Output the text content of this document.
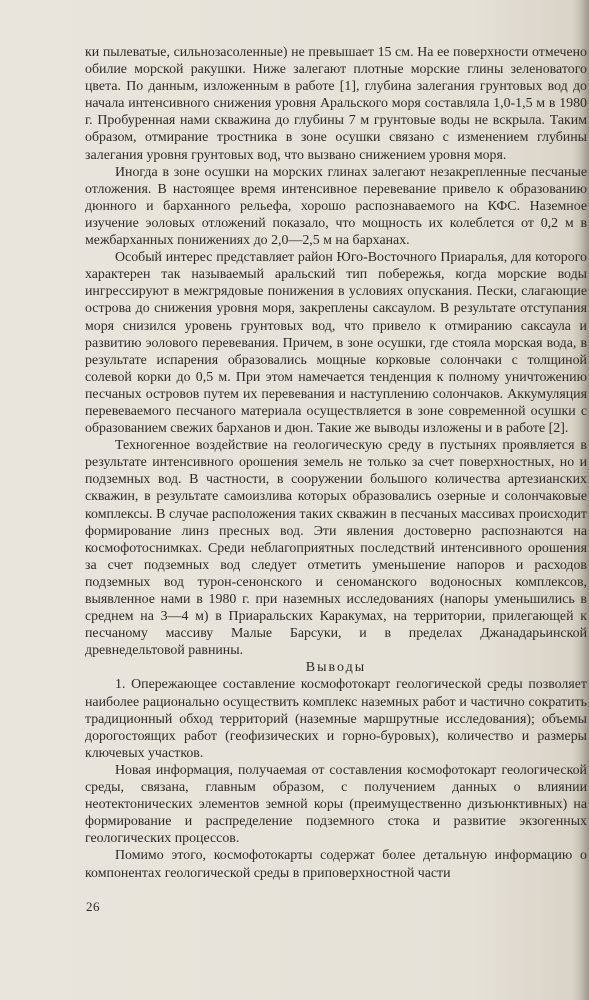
ки пылеватые, сильнозасоленные) не превышает 15 см. На ее поверхности отмечено обилие морской ракушки. Ниже залегают плотные морские глины зеленоватого цвета. По данным, изложенным в работе [1], глубина залегания грунтовых вод до начала интенсивного снижения уровня Аральского моря составляла 1,0-1,5 м в 1980 г. Пробуренная нами скважина до глубины 7 м грунтовые воды не вскрыла. Таким образом, отмирание тростника в зоне осушки связано с изменением глубины залегания уровня грунтовых вод, что вызвано снижением уровня моря.

Иногда в зоне осушки на морских глинах залегают незакрепленные песчаные отложения. В настоящее время интенсивное перевевание привело к образованию дюнного и барханного рельефа, хорошо распознаваемого на КФС. Наземное изучение эоловых отложений показало, что мощность их колеблется от 0,2 м в межбарханных понижениях до 2,0—2,5 м на барханах.

Особый интерес представляет район Юго-Восточного Приаралья, для которого характерен так называемый аральский тип побережья, когда морские воды ингрессируют в межгрядовые понижения в условиях опускания. Пески, слагающие острова до снижения уровня моря, закреплены саксаулом. В результате отступания моря снизился уровень грунтовых вод, что привело к отмиранию саксаула и развитию эолового перевевания. Причем, в зоне осушки, где стояла морская вода, в результате испарения образовались мощные корковые солончаки с толщиной солевой корки до 0,5 м. При этом намечается тенденция к полному уничтожению песчаных островов путем их перевевания и наступлению солончаков. Аккумуляция перевеваемого песчаного материала осуществляется в зоне современной осушки с образованием свежих барханов и дюн. Такие же выводы изложены и в работе [2].

Техногенное воздействие на геологическую среду в пустынях проявляется в результате интенсивного орошения земель не только за счет поверхностных, но и подземных вод. В частности, в сооружении большого количества артезианских скважин, в результате самоизлива которых образовались озерные и солончаковые комплексы. В случае расположения таких скважин в песчаных массивах происходит формирование линз пресных вод. Эти явления достоверно распознаются на космофотоснимках. Среди неблагоприятных последствий интенсивного орошения за счет подземных вод следует отметить уменьшение напоров и расходов подземных вод турон-сенонского и сеноманского водоносных комплексов, выявленное нами в 1980 г. при наземных исследованиях (напоры уменьшились в среднем на 3—4 м) в Приаральских Каракумах, на территории, прилегающей к песчаному массиву Малые Барсуки, и в пределах Джанадарьинской древнедельтовой равнины.

Выводы

1. Опережающее составление космофотокарт геологической среды позволяет наиболее рационально осуществить комплекс наземных работ и частично сократить традиционный обход территорий (наземные маршрутные исследования); объемы дорогостоящих работ (геофизических и горно-буровых), количество и размеры ключевых участков.

Новая информация, получаемая от составления космофотокарт геологической среды, связана, главным образом, с получением данных о влиянии неотектонических элементов земной коры (преимущественно дизъюнктивных) на формирование и распределение подземного стока и развитие экзогенных геологических процессов.

Помимо этого, космофотокарты содержат более детальную информацию о компонентах геологической среды в приповерхностной части

26
